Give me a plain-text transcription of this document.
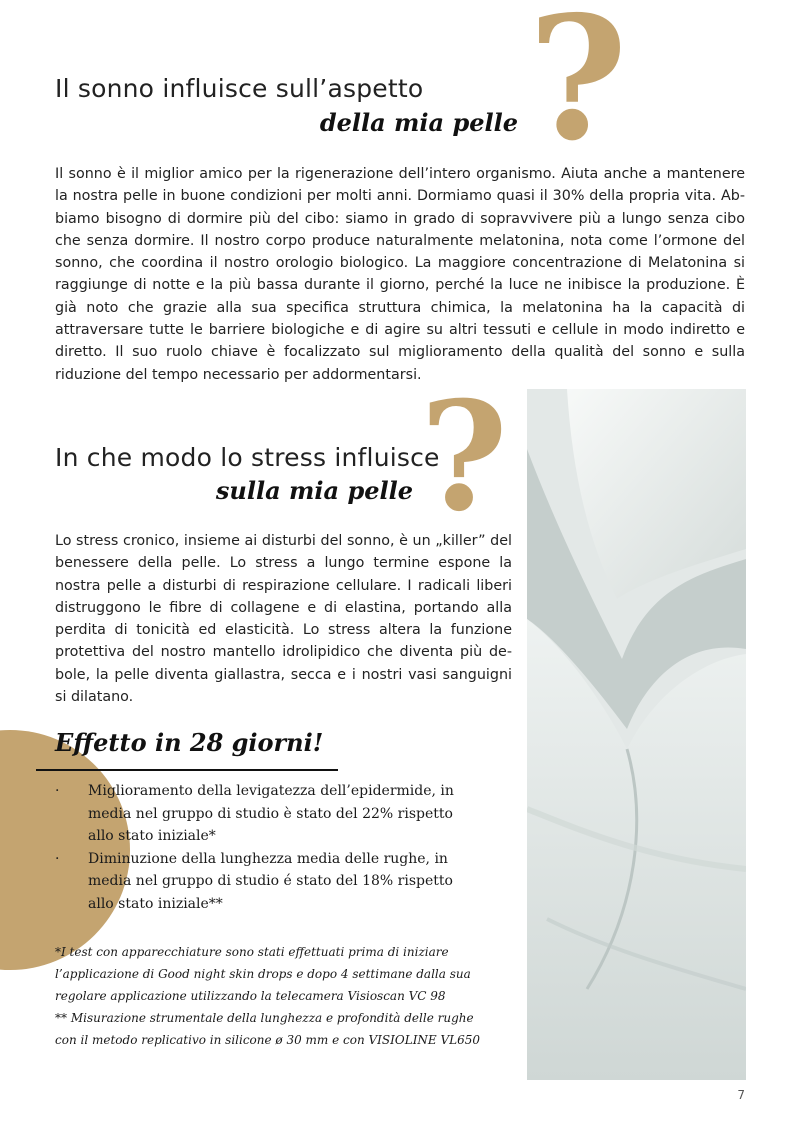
?
Il sonno influisce sull’aspetto
della mia pelle
Il sonno è il miglior amico per la rigenerazione dell’intero organismo. Aiuta anche a mantenere la nostra pelle in buone condizioni per molti anni. Dormiamo quasi il 30% della propria vita. Abbiamo bisogno di dormire più del cibo: siamo in grado di sopravvivere più a lungo senza cibo che senza dormire. Il nostro corpo produce naturalmente melatonina, nota come l’ormone del sonno, che coordina il nostro orologio biologico. La maggiore concentrazione di Melatonina si raggiunge di notte e la più bassa durante il giorno, perché la luce ne inibisce la produzione. È già noto che grazie alla sua specifica struttura chimica, la melatonina ha la capacità di attraversare tutte le barriere biologiche e di agire su altri tessuti e cellule in modo indiretto e diretto. Il suo ruolo chiave è focalizzato sul miglioramento della qualità del sonno e sulla riduzione del tempo necessario per addormentarsi.
?
In che modo lo stress influisce
sulla mia pelle
Lo stress cronico, insieme ai disturbi del sonno, è un „killer” del benessere della pelle. Lo stress a lungo termine espone la nostra pelle a disturbi di respirazione cellulare. I radicali liberi distruggono le fibre di collagene e di elastina, portando alla perdita di tonicità ed elasticità. Lo stress altera la funzione protettiva del nostro mantello idrolipidico che diventa più debole, la pelle diventa giallastra, secca e i nostri vasi sanguigni si dilatano.
Effetto in 28 giorni!
· Miglioramento della levigatezza dell’epidermide, in media nel gruppo di studio è stato del 22% rispetto allo stato iniziale*
· Diminuzione della lunghezza media delle rughe, in media nel gruppo di studio é stato del 18% rispetto allo stato iniziale**
*I test con apparecchiature sono stati effettuati prima di iniziare
l’applicazione di Good night skin drops e dopo 4 settimane dalla sua
regolare applicazione utilizzando la telecamera Visioscan VC 98
** Misurazione strumentale della lunghezza e profondità delle rughe
con il metodo replicativo in silicone ø 30 mm e con VISIOLINE VL650
7
